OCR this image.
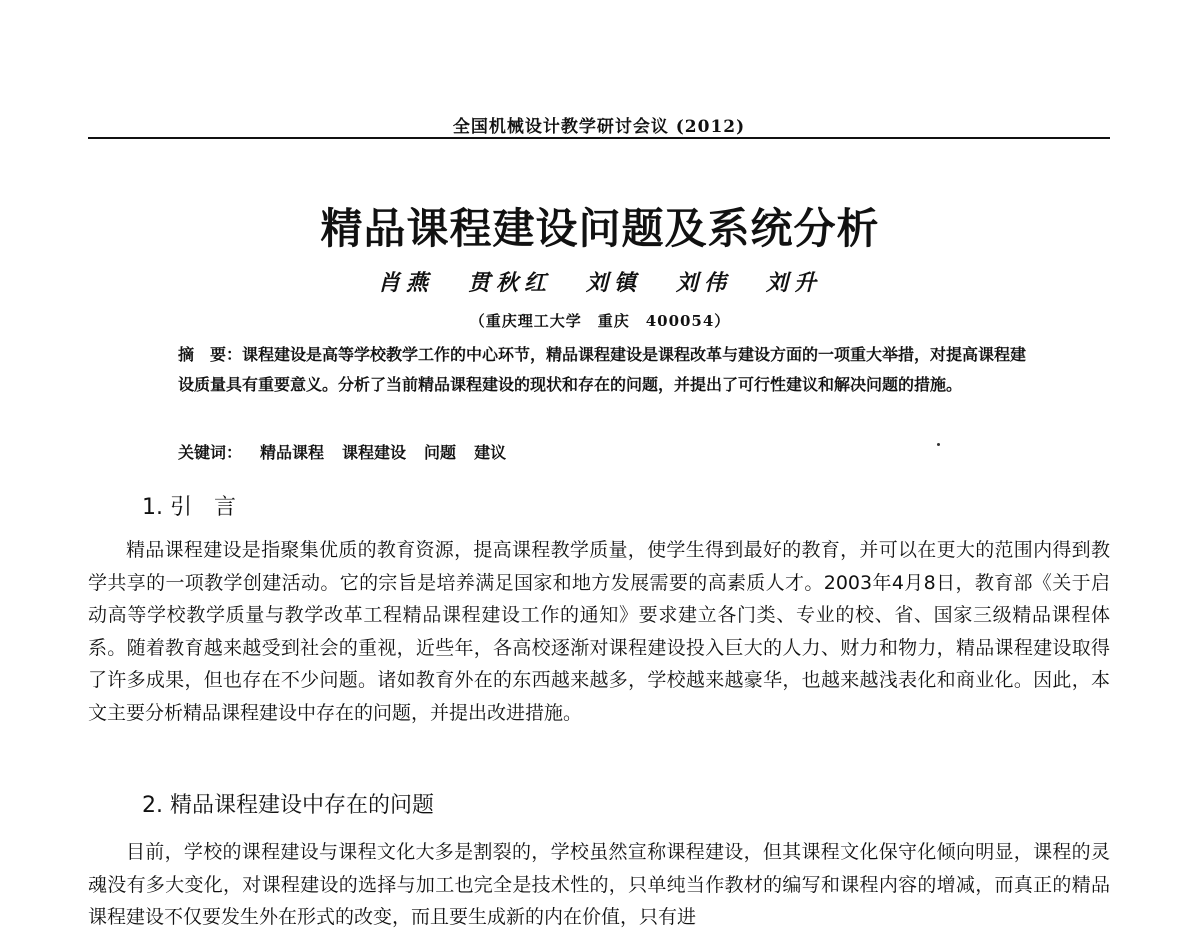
全国机械设计教学研讨会议 (2012)
精品课程建设问题及系统分析
肖燕 贯秋红 刘镇 刘伟 刘升
（重庆理工大学　重庆　400054）
摘　要：课程建设是高等学校教学工作的中心环节，精品课程建设是课程改革与建设方面的一项重大举措，对提高课程建设质量具有重要意义。分析了当前精品课程建设的现状和存在的问题，并提出了可行性建议和解决问题的措施。
关键词： 精品课程 课程建设 问题 建议
1. 引　言
精品课程建设是指聚集优质的教育资源，提高课程教学质量，使学生得到最好的教育，并可以在更大的范围内得到教学共享的一项教学创建活动。它的宗旨是培养满足国家和地方发展需要的高素质人才。2003年4月8日，教育部《关于启动高等学校教学质量与教学改革工程精品课程建设工作的通知》要求建立各门类、专业的校、省、国家三级精品课程体系。随着教育越来越受到社会的重视，近些年，各高校逐渐对课程建设投入巨大的人力、财力和物力，精品课程建设取得了许多成果，但也存在不少问题。诸如教育外在的东西越来越多，学校越来越豪华，也越来越浅表化和商业化。因此，本文主要分析精品课程建设中存在的问题，并提出改进措施。
2. 精品课程建设中存在的问题
目前，学校的课程建设与课程文化大多是割裂的，学校虽然宣称课程建设，但其课程文化保守化倾向明显，课程的灵魂没有多大变化，对课程建设的选择与加工也完全是技术性的，只单纯当作教材的编写和课程内容的增减，而真正的精品课程建设不仅要发生外在形式的改变，而且要生成新的内在价值，只有进
